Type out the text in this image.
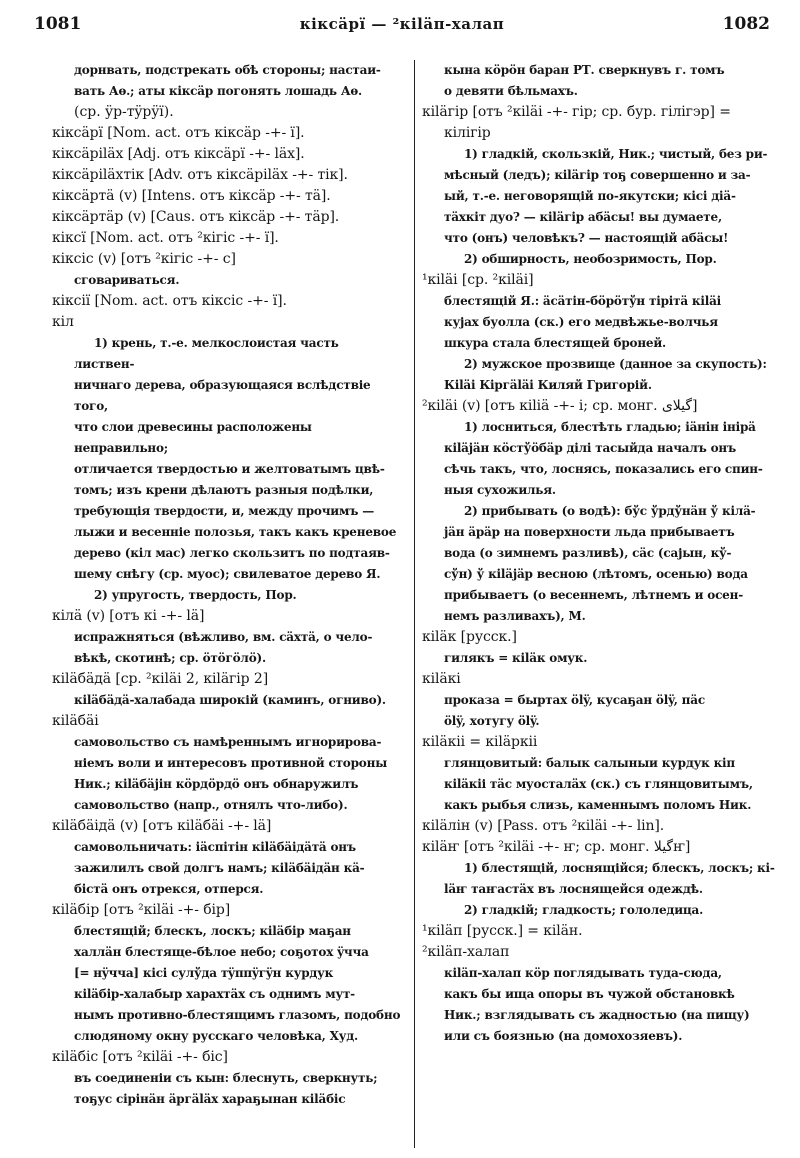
1081	кiксäрï — ²кiläп-халап	1082
дорнвать, подстрекать обѣ стороны; настаи-
вать Аѳ.; аты кiксäр погонять лошадь Аѳ.
(ср. ÿр-тÿрÿï).
кiксäрï [Nom. act. отъ кiксäр -+- ï].
кiксäрiläх [Adj. отъ кiксäрï -+- läх].
кiксäрiläхтiк [Adv. отъ кiксäрiläх -+- тiк].
кiксäртä (v) [Intens. отъ кiксäр -+- тä].
кiксäртäр (v) [Caus. отъ кiксäр -+- тäр].
кiксï [Nom. act. отъ ²кiгiс -+- ï].
кiксiс (v) [отъ ²кiгiс -+- с]
сговариваться.
кiксiï [Nom. act. отъ кiксiс -+- ï].
кiл
1) крень, т.-е. мелкослоистая часть листвен-
ничнаго дерева, образующаяся вслѣдствіе того,
что слои древесины расположены неправильно;
отличается твердостью и желтоватымъ цвѣ-
томъ; изъ крени дѣлаютъ разныя подѣлки,
требующія твердости, и, между прочимъ —
лыжи и весенніе полозья, такъ какъ креневое
дерево (кiл мас) легко скользитъ по подтаяв-
шему снѣгу (ср. муос); свилеватое дерево Я.
2) упругость, твердость, Пор.
кiлä (v) [отъ кi -+- lä]
испражняться (вѣжливо, вм. сäхтä, о чело-
вѣкѣ, скотинѣ; ср. öтöгöлö).
кiläбäдä [ср. ²кiläi 2, кiläгiр 2]
кiläбäдä-халабада широкій (каминъ, огниво).
кiläбäi
самовольство съ намѣреннымъ игнорирова-
ніемъ воли и интересовъ противной стороны
Ник.; кiläбäjiн кöрдöрдö онъ обнаружилъ
самовольство (напр., отнялъ что-либо).
кiläбäiдä (v) [отъ кiläбäi -+- lä]
самовольничать: iäспiтiн кiläбäiдäтä онъ
зажилилъ свой долгъ намъ; кiläбäiдäн кä-
бiстä онъ отрекся, отперся.
кiläбiр [отъ ²кiläi -+- бiр]
блестящій; блескъ, лоскъ; кiläбiр маҕан
халлäн блестяще-бѣлое небо; соҕотох ÿчча
[= нÿчча] кiсi сулўда тÿппÿгÿн курдук
кiläбiр-халабыр харахтäх съ однимъ мут-
нымъ противно-блестящимъ глазомъ, подобно
слюдяному окну русскаго человѣка, Худ.
кiläбiс [отъ ²кiläi -+- бiс]
въ соединеніи съ кын: блеснуть, сверкнуть;
тоҕус сiрiнäн äргäläх хараҕынан кiläбiс
кына кöрöн баран РТ. сверкнувъ г. томъ
о девяти бѣльмахъ.
кiläгiр [отъ ²кiläi -+- гiр; ср. бур. гiлiгэр] =
кiлiгiр
1) гладкій, скользкій, Ник.; чистый, без ри-
мѣсный (ледъ); кiläгiр тоҕ совершенно и за-
ый, т.-е. неговорящій по-якутски; кiсi дiä-
тäхкiт дуо? — кiläгiр абäсы! вы думаете,
что (онъ) человѣкъ? — настоящій абäсы!
2) обширность, необозримость, Пор.
¹кiläi [ср. ²кiläi]
блестящій Я.: äсäтiн-бöрöтўн тiрiтä кiläi
кујах буолла (ск.) его медвѣжье-волчья
шкура стала блестящей броней.
2) мужское прозвище (данное за скупость):
Кiläi Кiргäläi Киляй Григорій.
²кiläi (v) [отъ кiliä -+- i; ср. монг. گیلای]
1) лосниться, блестѣть гладью; iäнiн iнiрä
кiläjäн кöстўöбäр дiлi тасыйда началъ онъ
сѣчь такъ, что, лоснясь, показались его спин-
ныя сухожилья.
2) прибывать (о водѣ): бўс ўрдўнäн ў кiлä-
jäн äрäр на поверхности льда прибываетъ
вода (о зимнемъ разливѣ), сäс (сајын, кў-
сўн) ў кiläjäр весною (лѣтомъ, осенью) вода
прибываетъ (о весеннемъ, лѣтнемъ и осен-
немъ разливахъ), М.
кiläк [русск.]
гилякъ = кiläк омук.
кiläкi
проказа = быртах ölÿ, кусаҕан ölÿ, пäс
ölÿ, хотугу ölÿ.
кiläкii = кiläркii
глянцовитый: балык салыныи курдук кiп
кiläкiі тäс муосталäх (ск.) съ глянцовитымъ,
какъ рыбья слизь, каменнымъ поломъ Ник.
кiläлiн (v) [Pass. отъ ²кiläi -+- lin].
кiläҥ [отъ ²кiläi -+- ҥ; ср. монг. گیلاҥ]
1) блестящій, лоснящійся; блескъ, лоскъ; кi-
läҥ таҥастäх въ лоснящейся одеждѣ.
2) гладкій; гладкость; гололедица.
¹кiläп [русск.] = кiläн.
²кiläп-халап
кiläп-халап кöр поглядывать туда-сюда,
какъ бы ища опоры въ чужой обстановкѣ
Ник.; взглядывать съ жадностью (на пищу)
или съ боязнью (на домохозяевъ).
